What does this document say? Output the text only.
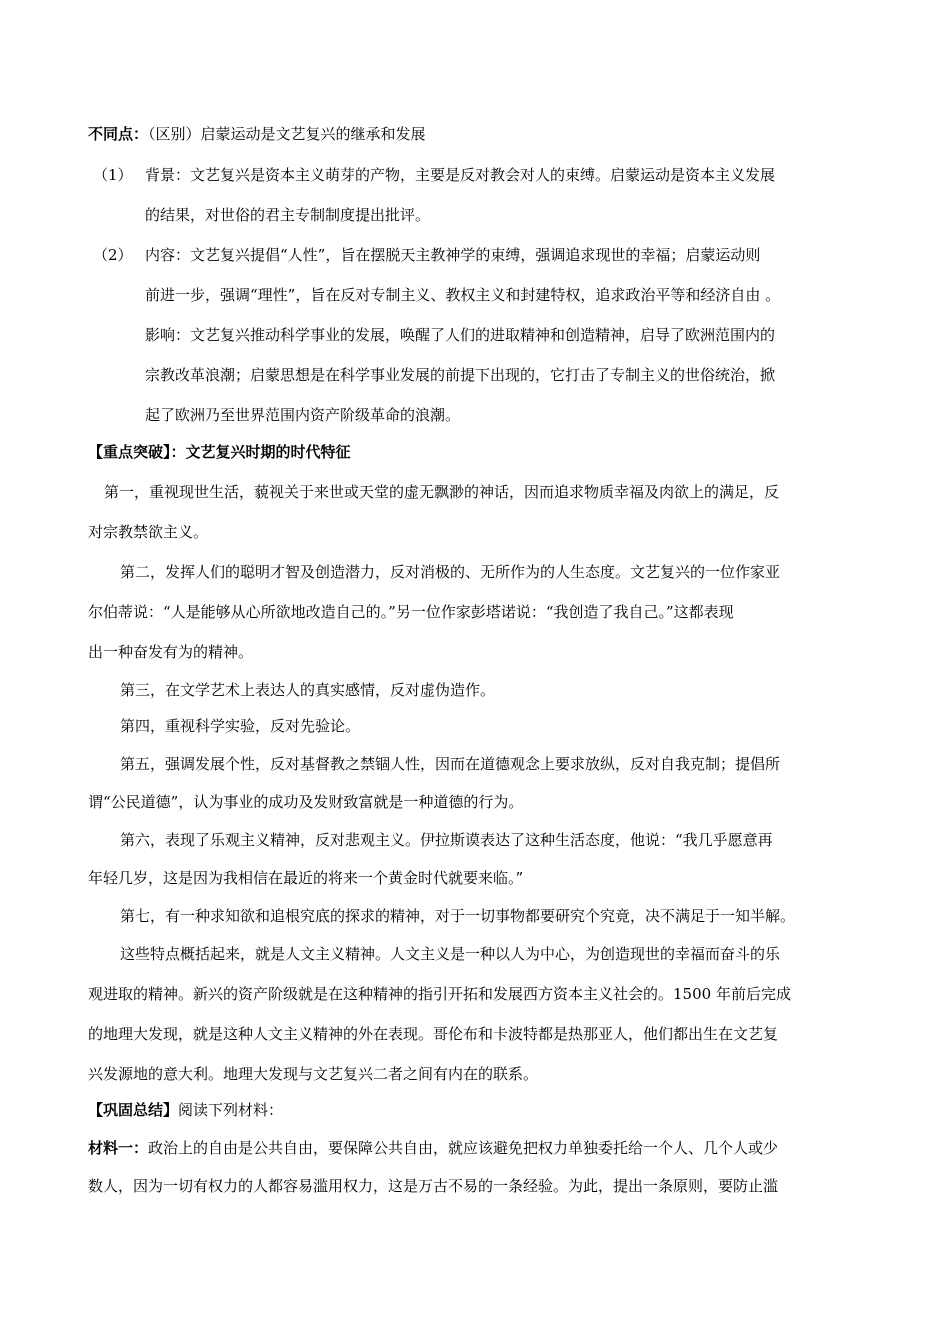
不同点：（区别）启蒙运动是文艺复兴的继承和发展
（1） 背景：文艺复兴是资本主义萌芽的产物，主要是反对教会对人的束缚。启蒙运动是资本主义发展
的结果，对世俗的君主专制制度提出批评。
（2） 内容：文艺复兴提倡“人性”，旨在摆脱天主教神学的束缚，强调追求现世的幸福；启蒙运动则
前进一步，强调“理性”，旨在反对专制主义、教权主义和封建特权，追求政治平等和经济自由 。
影响：文艺复兴推动科学事业的发展，唤醒了人们的进取精神和创造精神，启导了欧洲范围内的
宗教改革浪潮；启蒙思想是在科学事业发展的前提下出现的，它打击了专制主义的世俗统治，掀
起了欧洲乃至世界范围内资产阶级革命的浪潮。
【重点突破】：文艺复兴时期的时代特征
第一，重视现世生活，藐视关于来世或天堂的虚无飘渺的神话，因而追求物质幸福及肉欲上的满足，反
对宗教禁欲主义。
第二，发挥人们的聪明才智及创造潜力，反对消极的、无所作为的人生态度。文艺复兴的一位作家亚
尔伯蒂说：“人是能够从心所欲地改造自己的。”另一位作家彭塔诺说：“我创造了我自己。”这都表现
出一种奋发有为的精神。
第三，在文学艺术上表达人的真实感情，反对虚伪造作。
第四，重视科学实验，反对先验论。
第五，强调发展个性，反对基督教之禁锢人性，因而在道德观念上要求放纵，反对自我克制；提倡所
谓“公民道德”，认为事业的成功及发财致富就是一种道德的行为。
第六，表现了乐观主义精神，反对悲观主义。伊拉斯谟表达了这种生活态度，他说：“我几乎愿意再
年轻几岁，这是因为我相信在最近的将来一个黄金时代就要来临。”
第七，有一种求知欲和追根究底的探求的精神，对于一切事物都要研究个究竟，决不满足于一知半解。
这些特点概括起来，就是人文主义精神。人文主义是一种以人为中心，为创造现世的幸福而奋斗的乐
观进取的精神。新兴的资产阶级就是在这种精神的指引开拓和发展西方资本主义社会的。1500 年前后完成
的地理大发现，就是这种人文主义精神的外在表现。哥伦布和卡波特都是热那亚人，他们都出生在文艺复
兴发源地的意大利。地理大发现与文艺复兴二者之间有内在的联系。
【巩固总结】阅读下列材料：
材料一：政治上的自由是公共自由，要保障公共自由，就应该避免把权力单独委托给一个人、几个人或少
数人，因为一切有权力的人都容易滥用权力，这是万古不易的一条经验。为此，提出一条原则，要防止滥
